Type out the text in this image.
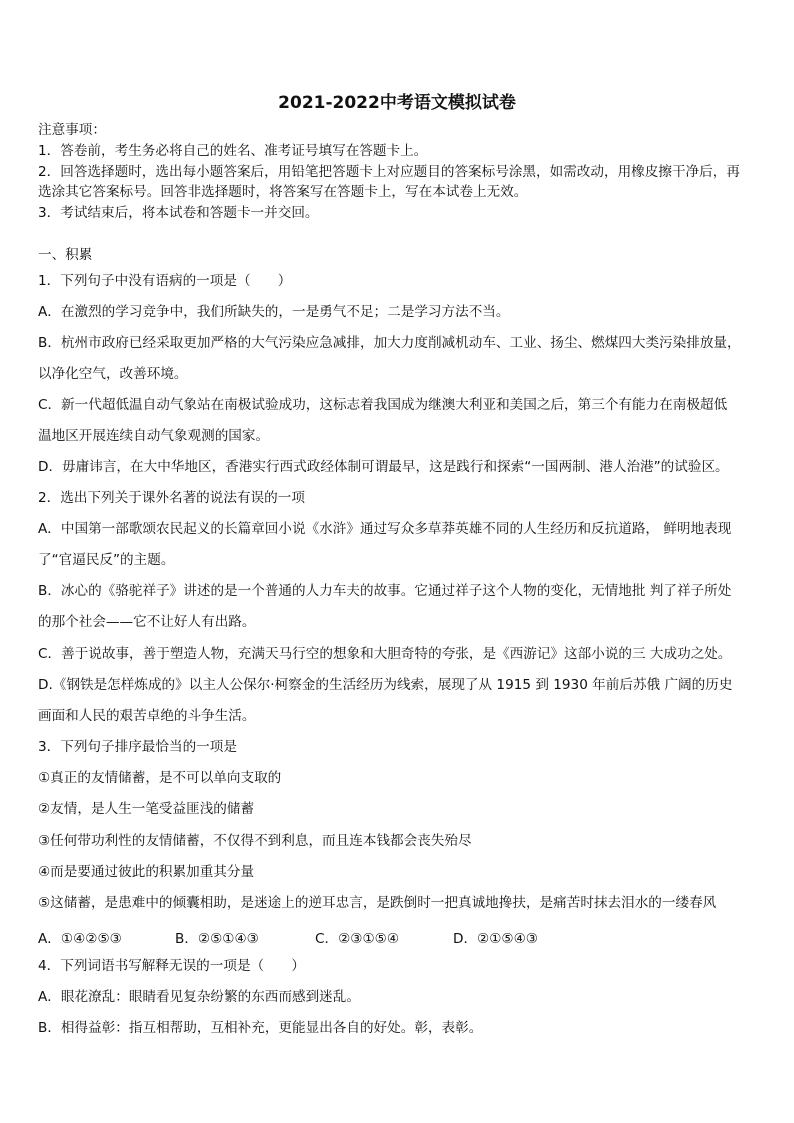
2021-2022中考语文模拟试卷
注意事项：
1．答卷前，考生务必将自己的姓名、准考证号填写在答题卡上。
2．回答选择题时，选出每小题答案后，用铅笔把答题卡上对应题目的答案标号涂黑，如需改动，用橡皮擦干净后，再
选涂其它答案标号。回答非选择题时，将答案写在答题卡上，写在本试卷上无效。
3．考试结束后，将本试卷和答题卡一并交回。
一、积累
1．下列句子中没有语病的一项是（　　）
A．在激烈的学习竞争中，我们所缺失的，一是勇气不足；二是学习方法不当。
B．杭州市政府已经采取更加严格的大气污染应急减排，加大力度削减机动车、工业、扬尘、燃煤四大类污染排放量，
以净化空气，改善环境。
C．新一代超低温自动气象站在南极试验成功，这标志着我国成为继澳大利亚和美国之后，第三个有能力在南极超低
温地区开展连续自动气象观测的国家。
D．毋庸讳言，在大中华地区，香港实行西式政经体制可谓最早，这是践行和探索“一国两制、港人治港”的试验区。
2．选出下列关于课外名著的说法有误的一项
A．中国第一部歌颂农民起义的长篇章回小说《水浒》通过写众多草莽英雄不同的人生经历和反抗道路， 鲜明地表现
了“官逼民反”的主题。
B．冰心的《骆驼祥子》讲述的是一个普通的人力车夫的故事。它通过祥子这个人物的变化，无情地批 判了祥子所处
的那个社会——它不让好人有出路。
C．善于说故事，善于塑造人物，充满天马行空的想象和大胆奇特的夸张，是《西游记》这部小说的三 大成功之处。
D.《钢铁是怎样炼成的》以主人公保尔·柯察金的生活经历为线索，展现了从 1915 到 1930 年前后苏俄 广阔的历史
画面和人民的艰苦卓绝的斗争生活。
3．下列句子排序最恰当的一项是
①真正的友情储蓄，是不可以单向支取的
②友情，是人生一笔受益匪浅的储蓄
③任何带功利性的友情储蓄，不仅得不到利息，而且连本钱都会丧失殆尽
④而是要通过彼此的积累加重其分量
⑤这储蓄，是患难中的倾囊相助，是迷途上的逆耳忠言，是跌倒时一把真诚地搀扶，是痛苦时抹去泪水的一缕春风
A．①④②⑤③	B．②⑤①④③	C．②③①⑤④	D．②①⑤④③
4．下列词语书写解释无误的一项是（　　）
A．眼花潦乱：眼睛看见复杂纷繁的东西而感到迷乱。
B．相得益彰：指互相帮助，互相补充，更能显出各自的好处。彰，表彰。
